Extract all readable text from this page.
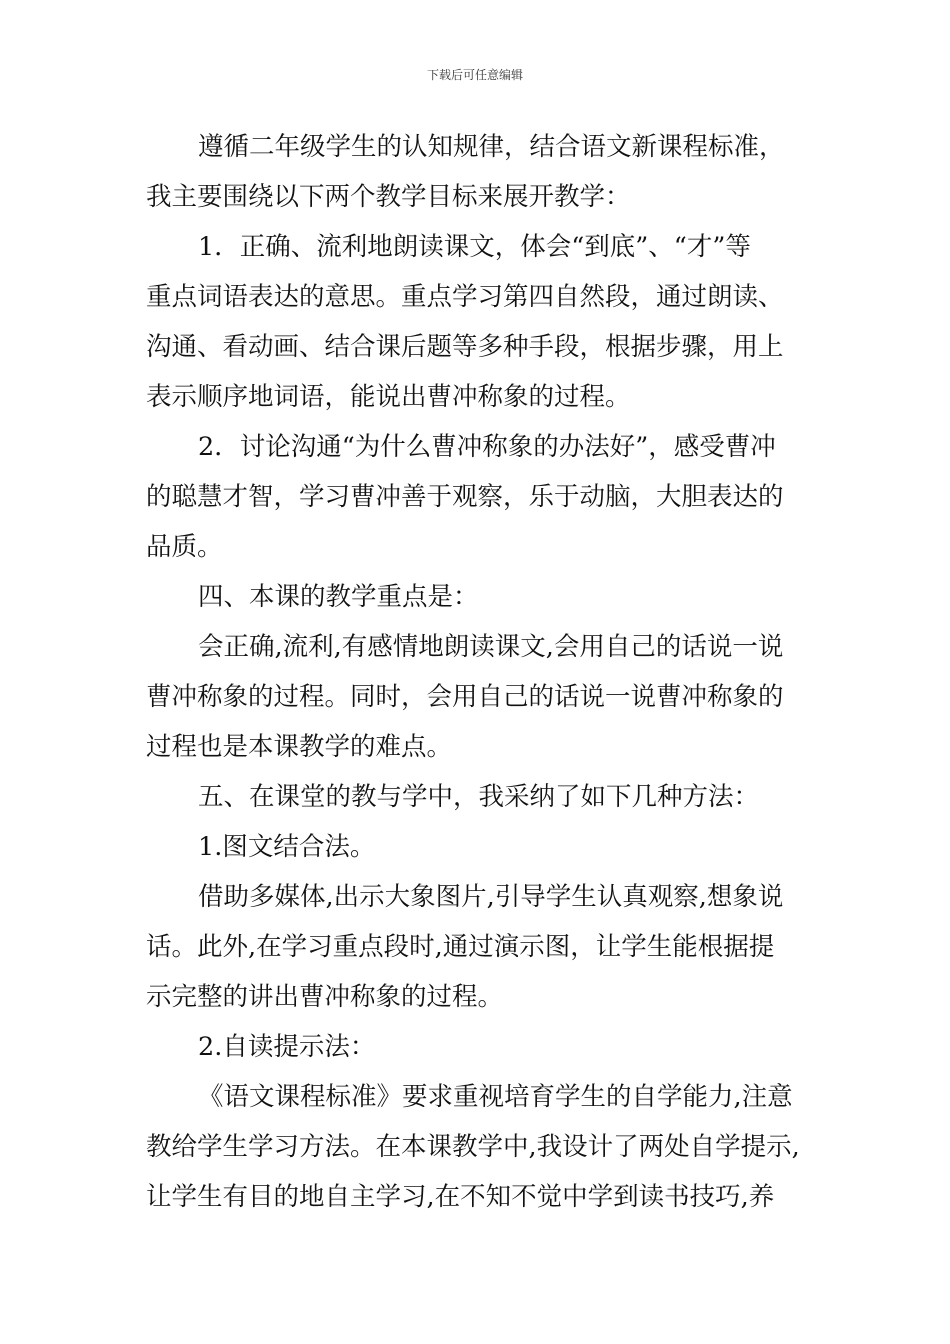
下载后可任意编辑
遵循二年级学生的认知规律，结合语文新课程标准，
我主要围绕以下两个教学目标来展开教学：
1．正确、流利地朗读课文，体会“到底”、“才”等
重点词语表达的意思。重点学习第四自然段，通过朗读、
沟通、看动画、结合课后题等多种手段，根据步骤，用上
表示顺序地词语，能说出曹冲称象的过程。
2．讨论沟通“为什么曹冲称象的办法好”，感受曹冲
的聪慧才智，学习曹冲善于观察，乐于动脑，大胆表达的
品质。
四、本课的教学重点是：
会正确,流利,有感情地朗读课文,会用自己的话说一说
曹冲称象的过程。同时，会用自己的话说一说曹冲称象的
过程也是本课教学的难点。
五、在课堂的教与学中，我采纳了如下几种方法：
1.图文结合法。
借助多媒体,出示大象图片,引导学生认真观察,想象说
话。此外,在学习重点段时,通过演示图，让学生能根据提
示完整的讲出曹冲称象的过程。
2.自读提示法：
《语文课程标准》要求重视培育学生的自学能力,注意
教给学生学习方法。在本课教学中,我设计了两处自学提示,
让学生有目的地自主学习,在不知不觉中学到读书技巧,养
